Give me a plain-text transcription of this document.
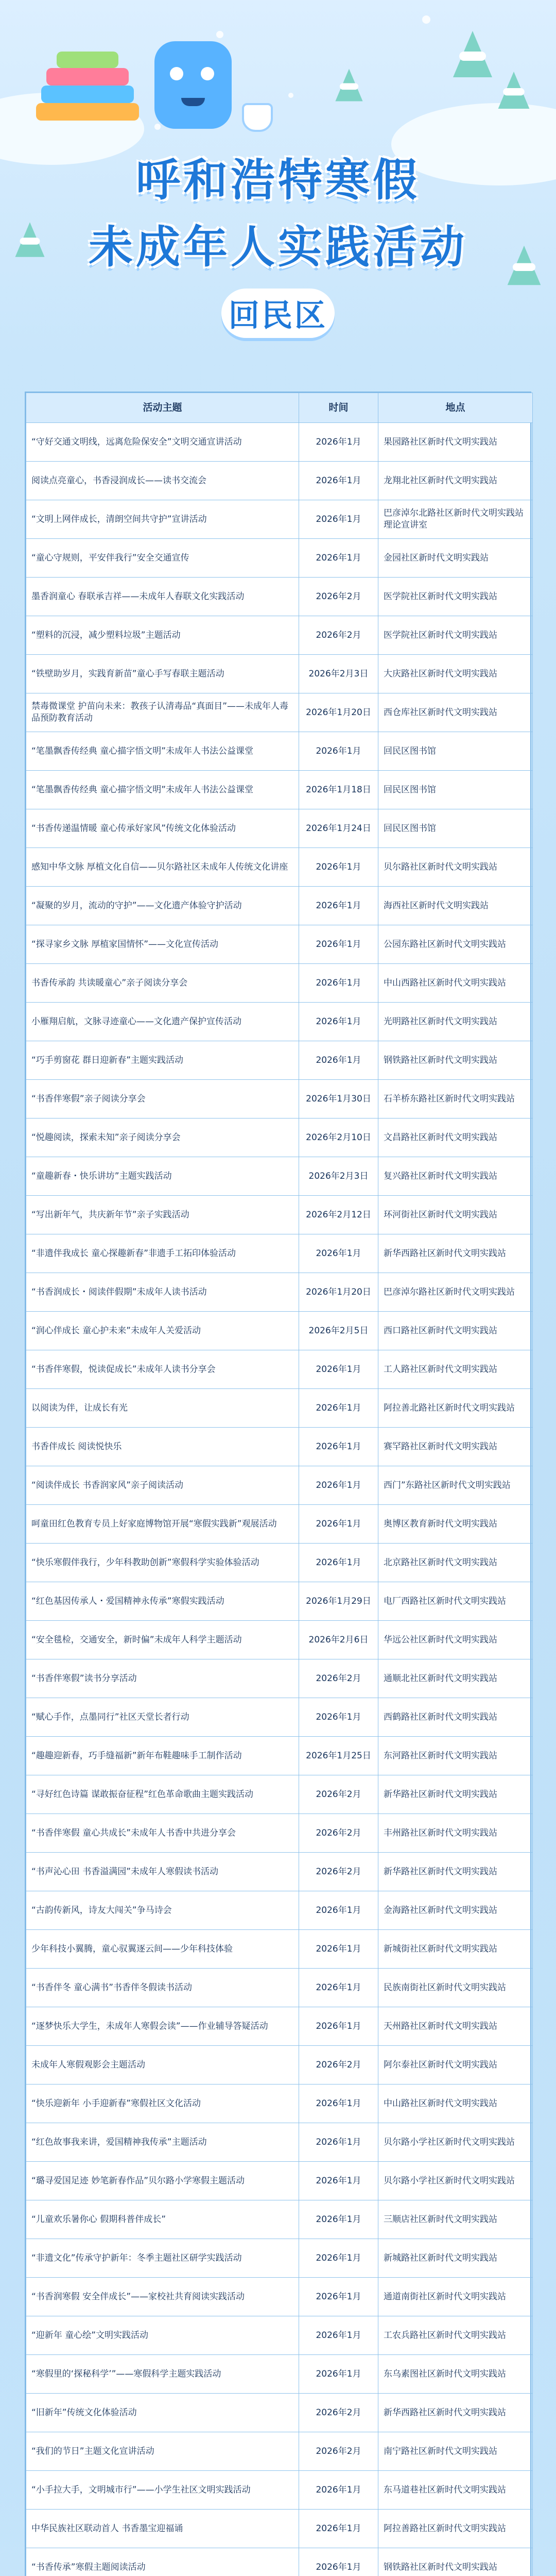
呼和浩特寒假
未成年人实践活动
回民区
活动主题	时间	地点
“守好交通文明线，远离危险保安全”文明交通宣讲活动	2026年1月	果园路社区新时代文明实践站
阅读点亮童心，书香浸润成长——读书交流会	2026年1月	龙翔北社区新时代文明实践站
“文明上网伴成长，清朗空间共守护”宣讲活动	2026年1月	巴彦淖尔北路社区新时代文明实践站理论宣讲室
“童心守规则，平安伴我行”安全交通宣传	2026年1月	金园社区新时代文明实践站
墨香润童心 春联承吉祥——未成年人春联文化实践活动	2026年2月	医学院社区新时代文明实践站
“塑料的沉浸，减少塑料垃圾”主题活动	2026年2月	医学院社区新时代文明实践站
“铁壁助岁月，实践育新苗”童心手写春联主题活动	2026年2月3日	大庆路社区新时代文明实践站
禁毒微课堂 护苗向未来：教孩子认清毒品“真面目”——未成年人毒品预防教育活动	2026年1月20日	西仓库社区新时代文明实践站
“笔墨飘香传经典 童心描字悟文明”未成年人书法公益课堂	2026年1月	回民区图书馆
“笔墨飘香传经典 童心描字悟文明”未成年人书法公益课堂	2026年1月18日	回民区图书馆
“书香传递温情暖 童心传承好家风”传统文化体验活动	2026年1月24日	回民区图书馆
感知中华文脉 厚植文化自信——贝尔路社区未成年人传统文化讲座	2026年1月	贝尔路社区新时代文明实践站
“凝聚的岁月，流动的守护”——文化遗产体验守护活动	2026年1月	海西社区新时代文明实践站
“探寻家乡文脉 厚植家国情怀”——文化宣传活动	2026年1月	公园东路社区新时代文明实践站
书香传承韵 共读暖童心”亲子阅读分享会	2026年1月	中山西路社区新时代文明实践站
小雁翔启航，文脉寻迹童心——文化遗产保护宣传活动	2026年1月	光明路社区新时代文明实践站
“巧手剪窗花 群日迎新春”主题实践活动	2026年1月	钢铁路社区新时代文明实践站
“书香伴寒假”亲子阅读分享会	2026年1月30日	石羊桥东路社区新时代文明实践站
“悦趣阅读，探索未知”亲子阅读分享会	2026年2月10日	文昌路社区新时代文明实践站
“童趣新春・快乐讲坊”主题实践活动	2026年2月3日	复兴路社区新时代文明实践站
“写出新年气，共庆新年节”亲子实践活动	2026年2月12日	环河街社区新时代文明实践站
“非遗伴我成长 童心探趣新春”非遗手工拓印体验活动	2026年1月	新华西路社区新时代文明实践站
“书香润成长・阅读伴假期”未成年人读书活动	2026年1月20日	巴彦淖尔路社区新时代文明实践站
“润心伴成长 童心护未来”未成年人关爱活动	2026年2月5日	西口路社区新时代文明实践站
“书香伴寒假，悦读促成长”未成年人读书分享会	2026年1月	工人路社区新时代文明实践站
以阅读为伴，让成长有光	2026年1月	阿拉善北路社区新时代文明实践站
书香伴成长 阅读悦快乐	2026年1月	赛罕路社区新时代文明实践站
“阅读伴成长 书香润家风”亲子阅读活动	2026年1月	西门”东路社区新时代文明实践站
呵童田红色教育专员上好家庭博物馆开展“寒假实践新”观展活动	2026年1月	奥博区教育新时代文明实践站
“快乐寒假伴我行，少年科教助创新”寒假科学实验体验活动	2026年1月	北京路社区新时代文明实践站
“红色基因传承人・爱国精神永传承”寒假实践活动	2026年1月29日	电厂西路社区新时代文明实践站
“安全毯检，交通安全，新时偏”未成年人科学主题活动	2026年2月6日	华远公社区新时代文明实践站
“书香伴寒假”读书分享活动	2026年2月	通顺北社区新时代文明实践站
“赋心手作，点墨同行”社区天堂长者行动	2026年1月	西鹤路社区新时代文明实践站
“趣趣迎新春，巧手缝福新”新年布鞋趣味手工制作活动	2026年1月25日	东河路社区新时代文明实践站
“寻好红色诗篇 谋敢振奋征程”红色革命歌曲主题实践活动	2026年2月	新华路社区新时代文明实践站
“书香伴寒假 童心共成长”未成年人书香中共进分享会	2026年2月	丰州路社区新时代文明实践站
“书声沁心田 书香溢满园”未成年人寒假读书活动	2026年2月	新华路社区新时代文明实践站
“古韵传新风，诗友大闯关”争马诗会	2026年1月	金海路社区新时代文明实践站
少年科技小翼腾，童心驭翼逐云间——少年科技体验	2026年1月	新城街社区新时代文明实践站
“书香伴冬 童心满书”书香伴冬假读书活动	2026年1月	民族南街社区新时代文明实践站
“逐梦快乐大学生，未成年人寒假会读”——作业辅导答疑活动	2026年1月	天州路社区新时代文明实践站
未成年人寒假观影会主题活动	2026年2月	阿尔泰社区新时代文明实践站
“快乐迎新年 小手迎新春”寒假社区文化活动	2026年1月	中山路社区新时代文明实践站
“红色故事我来讲，爱国精神我传承”主题活动	2026年1月	贝尔路小学社区新时代文明实践站
“璐寻爱国足迹 妙笔新春作品”贝尔路小学寒假主题活动	2026年1月	贝尔路小学社区新时代文明实践站
“儿童欢乐暑你心 假期科普伴成长”	2026年1月	三顺店社区新时代文明实践站
“非遗文化”传承守护新年：冬季主题社区研学实践活动	2026年1月	新城路社区新时代文明实践站
“书香润寒假 安全伴成长”——家校社共育阅读实践活动	2026年1月	通道南街社区新时代文明实践站
“迎新年 童心绘”文明实践活动	2026年1月	工农兵路社区新时代文明实践站
“寒假里的‘探秘科学’”——寒假科学主题实践活动	2026年1月	东乌素图社区新时代文明实践站
“旧新年”传统文化体验活动	2026年2月	新华西路社区新时代文明实践站
“我们的节日”主题文化宣讲活动	2026年2月	南宁路社区新时代文明实践站
“小手拉大手，文明城市行”——小学生社区文明实践活动	2026年1月	东马道巷社区新时代文明实践站
中华民族社区联动首人 书香墨宝迎福诵	2026年1月	阿拉善路社区新时代文明实践站
“书香传承”寒假主题阅读活动	2026年1月	钢铁路社区新时代文明实践站
